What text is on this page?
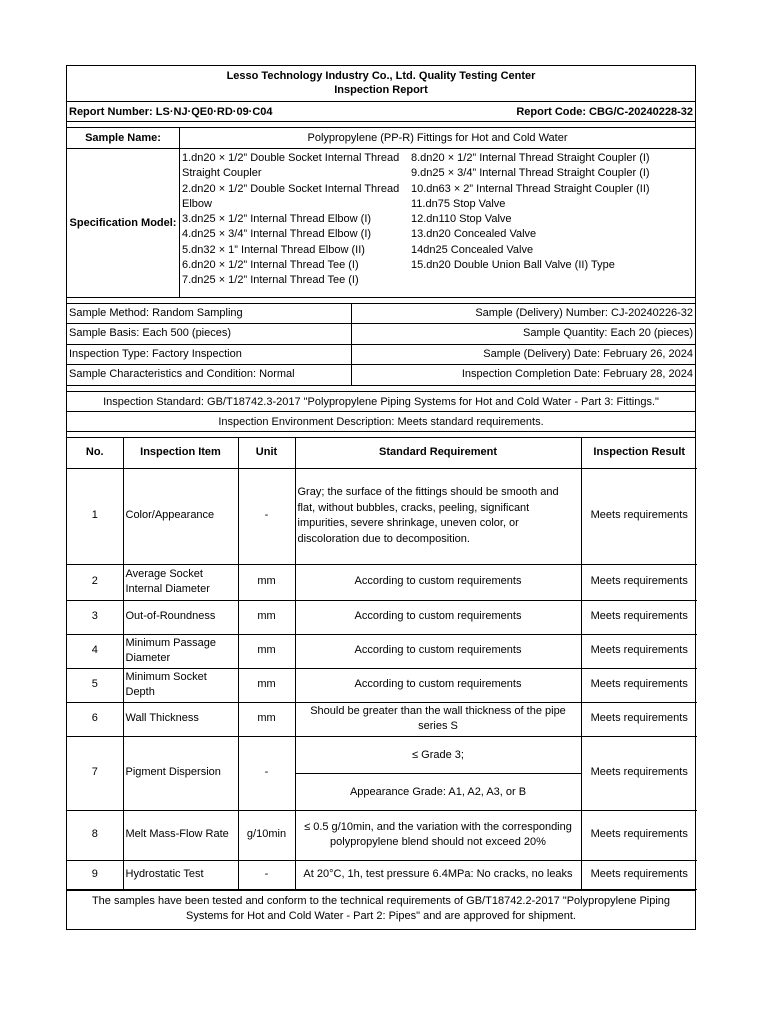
Lesso Technology Industry Co., Ltd. Quality Testing Center
Inspection Report
Report Number: LS·NJ·QE0·RD·09·C04	Report Code: CBG/C-20240228-32
Sample Name:	Polypropylene (PP-R) Fittings for Hot and Cold Water
Specification Model:
1.dn20 × 1/2” Double Socket Internal Thread
Straight Coupler
2.dn20 × 1/2” Double Socket Internal Thread
Elbow
3.dn25 × 1/2” Internal Thread Elbow (I)
4.dn25 × 3/4” Internal Thread Elbow (I)
5.dn32 × 1” Internal Thread Elbow (II)
6.dn20 × 1/2” Internal Thread Tee (I)
7.dn25 × 1/2” Internal Thread Tee (I)
8.dn20 × 1/2” Internal Thread Straight Coupler (I)
9.dn25 × 3/4” Internal Thread Straight Coupler (I)
10.dn63 × 2” Internal Thread Straight Coupler (II)
11.dn75 Stop Valve
12.dn110 Stop Valve
13.dn20 Concealed Valve
14dn25 Concealed Valve
15.dn20 Double Union Ball Valve (II) Type
Sample Method: Random Sampling	Sample (Delivery) Number: CJ-20240226-32
Sample Basis: Each 500 (pieces)	Sample Quantity: Each 20 (pieces)
Inspection Type: Factory Inspection	Sample (Delivery) Date: February 26, 2024
Sample Characteristics and Condition: Normal	Inspection Completion Date: February 28, 2024
Inspection Standard: GB/T18742.3-2017 "Polypropylene Piping Systems for Hot and Cold Water - Part 3: Fittings."
Inspection Environment Description: Meets standard requirements.
No.	Inspection Item	Unit	Standard Requirement	Inspection Result
1	Color/Appearance	-	Gray; the surface of the fittings should be smooth and flat, without bubbles, cracks, peeling, significant impurities, severe shrinkage, uneven color, or discoloration due to decomposition.	Meets requirements
2	Average Socket Internal Diameter	mm	According to custom requirements	Meets requirements
3	Out-of-Roundness	mm	According to custom requirements	Meets requirements
4	Minimum Passage Diameter	mm	According to custom requirements	Meets requirements
5	Minimum Socket Depth	mm	According to custom requirements	Meets requirements
6	Wall Thickness	mm	Should be greater than the wall thickness of the pipe series S	Meets requirements
7	Pigment Dispersion	-	≤ Grade 3;
Appearance Grade: A1, A2, A3, or B	Meets requirements
8	Melt Mass-Flow Rate	g/10min	≤ 0.5 g/10min, and the variation with the corresponding polypropylene blend should not exceed 20%	Meets requirements
9	Hydrostatic Test	-	At 20°C, 1h, test pressure 6.4MPa: No cracks, no leaks	Meets requirements
The samples have been tested and conform to the technical requirements of GB/T18742.2-2017 "Polypropylene Piping Systems for Hot and Cold Water - Part 2: Pipes" and are approved for shipment.
